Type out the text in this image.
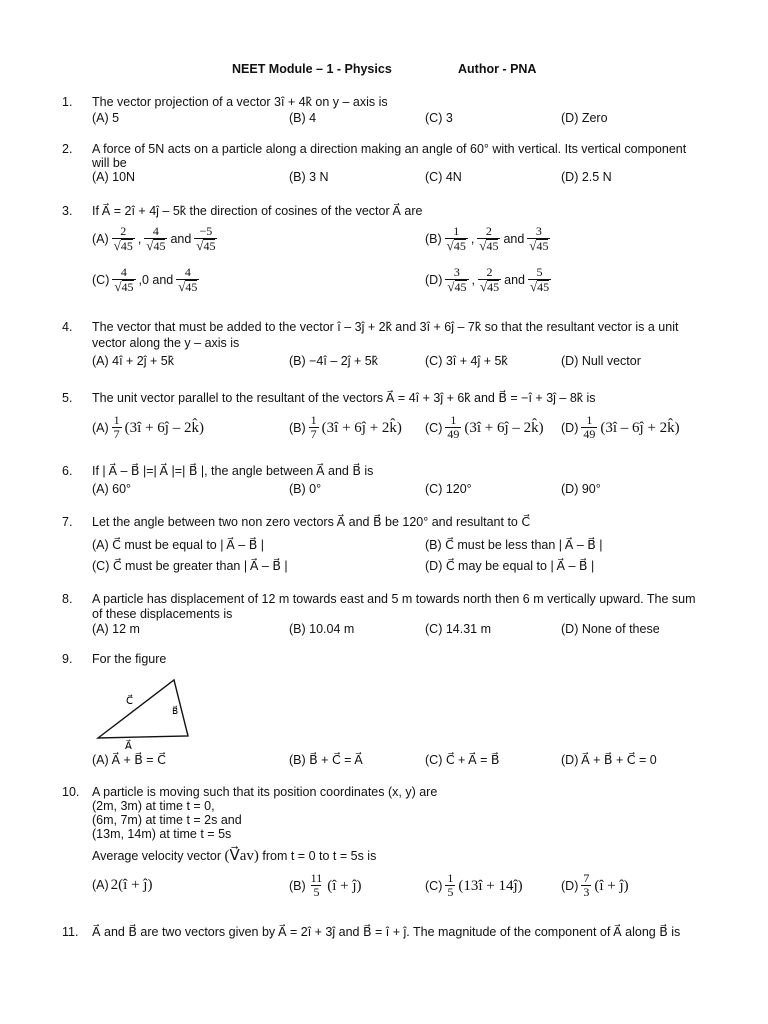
NEET Module – 1 - Physics	Author - PNA
1. The vector projection of a vector 3î + 4k̂ on y – axis is
(A) 5	(B) 4	(C) 3	(D) Zero
2. A force of 5N acts on a particle along a direction making an angle of 60° with vertical. Its vertical component
will be
(A) 10N	(B) 3 N	(C) 4N	(D) 2.5 N
3. If A⃗ = 2î + 4ĵ – 5k̂ the direction of cosines of the vector A⃗ are
$(A) \frac{2}{√ 45}$ , $\frac{4}{√ 45}$ and $\frac{-5}{√ 45}$	$(B) \frac{1}{√ 45}$ , $\frac{2}{√ 45}$ and $\frac{3}{√ 45}$
$(C) \frac{4}{√ 45} ,0$ and $\frac{4}{√ 45}$	$(D) \frac{3}{√ 45}$ , $\frac{2}{√ 45}$ and $\frac{5}{√ 45}$
4. The vector that must be added to the vector î – 3ĵ + 2k̂ and 3î + 6ĵ – 7k̂ so that the resultant vector is a unit
vector along the y – axis is
(A) 4î + 2ĵ + 5k̂	(B) −4î – 2ĵ + 5k̂	(C) 3î + 4ĵ + 5k̂	(D) Null vector
5. The unit vector parallel to the resultant of the vectors A⃗ = 4î + 3ĵ + 6k̂ and B⃗ = −î + 3ĵ – 8k̂ is
$(A) \frac{1}{7}$ (3î + 6ĵ – 2k̂)	$(B) \frac{1}{7}$ (3î + 6ĵ + 2k̂) $(C) \frac{1}{49}$ (3î + 6ĵ – 2k̂) $(D) \frac{1}{49}$ (3î – 6ĵ + 2k̂)
6. If | A⃗ – B⃗ |=| A⃗ |=| B⃗ |, the angle between A⃗ and B⃗ is
(A) 60°	(B) 0°	(C) 120°	(D) 90°
7. Let the angle between two non zero vectors A⃗ and B⃗ be 120° and resultant to C⃗
(A) C⃗ must be equal to | A⃗ – B⃗ |	(B) C⃗ must be less than | A⃗ – B⃗ |
(C) C⃗ must be greater than | A⃗ – B⃗ |	(D) C⃗ may be equal to | A⃗ – B⃗ |
8. A particle has displacement of 12 m towards east and 5 m towards north then 6 m vertically upward. The sum
of these displacements is
(A) 12 m	(B) 10.04 m	(C) 14.31 m	(D) None of these
9. For the figure
C⃗
B⃗
A⃗
(A) A⃗ + B⃗ = C⃗	(B) B⃗ + C⃗ = A⃗	(C) C⃗ + A⃗ = B⃗	(D) A⃗ + B⃗ + C⃗ = 0
10. A particle is moving such that its position coordinates (x, y) are
(2m, 3m) at time t = 0,
(6m, 7m) at time t = 2s and
(13m, 14m) at time t = 5s
Average velocity vector (V⃗av) from t = 0 to t = 5s is
(A) 2(î + ĵ)	$(B) \frac{11}{5}$ (î + ĵ)	$(C) \frac{1}{5}$ (13î + 14ĵ)	$(D) \frac{7}{3}$ (î + ĵ)
11. A⃗ and B⃗ are two vectors given by A⃗ = 2î + 3ĵ and B⃗ = î + ĵ. The magnitude of the component of A⃗ along B⃗ is
